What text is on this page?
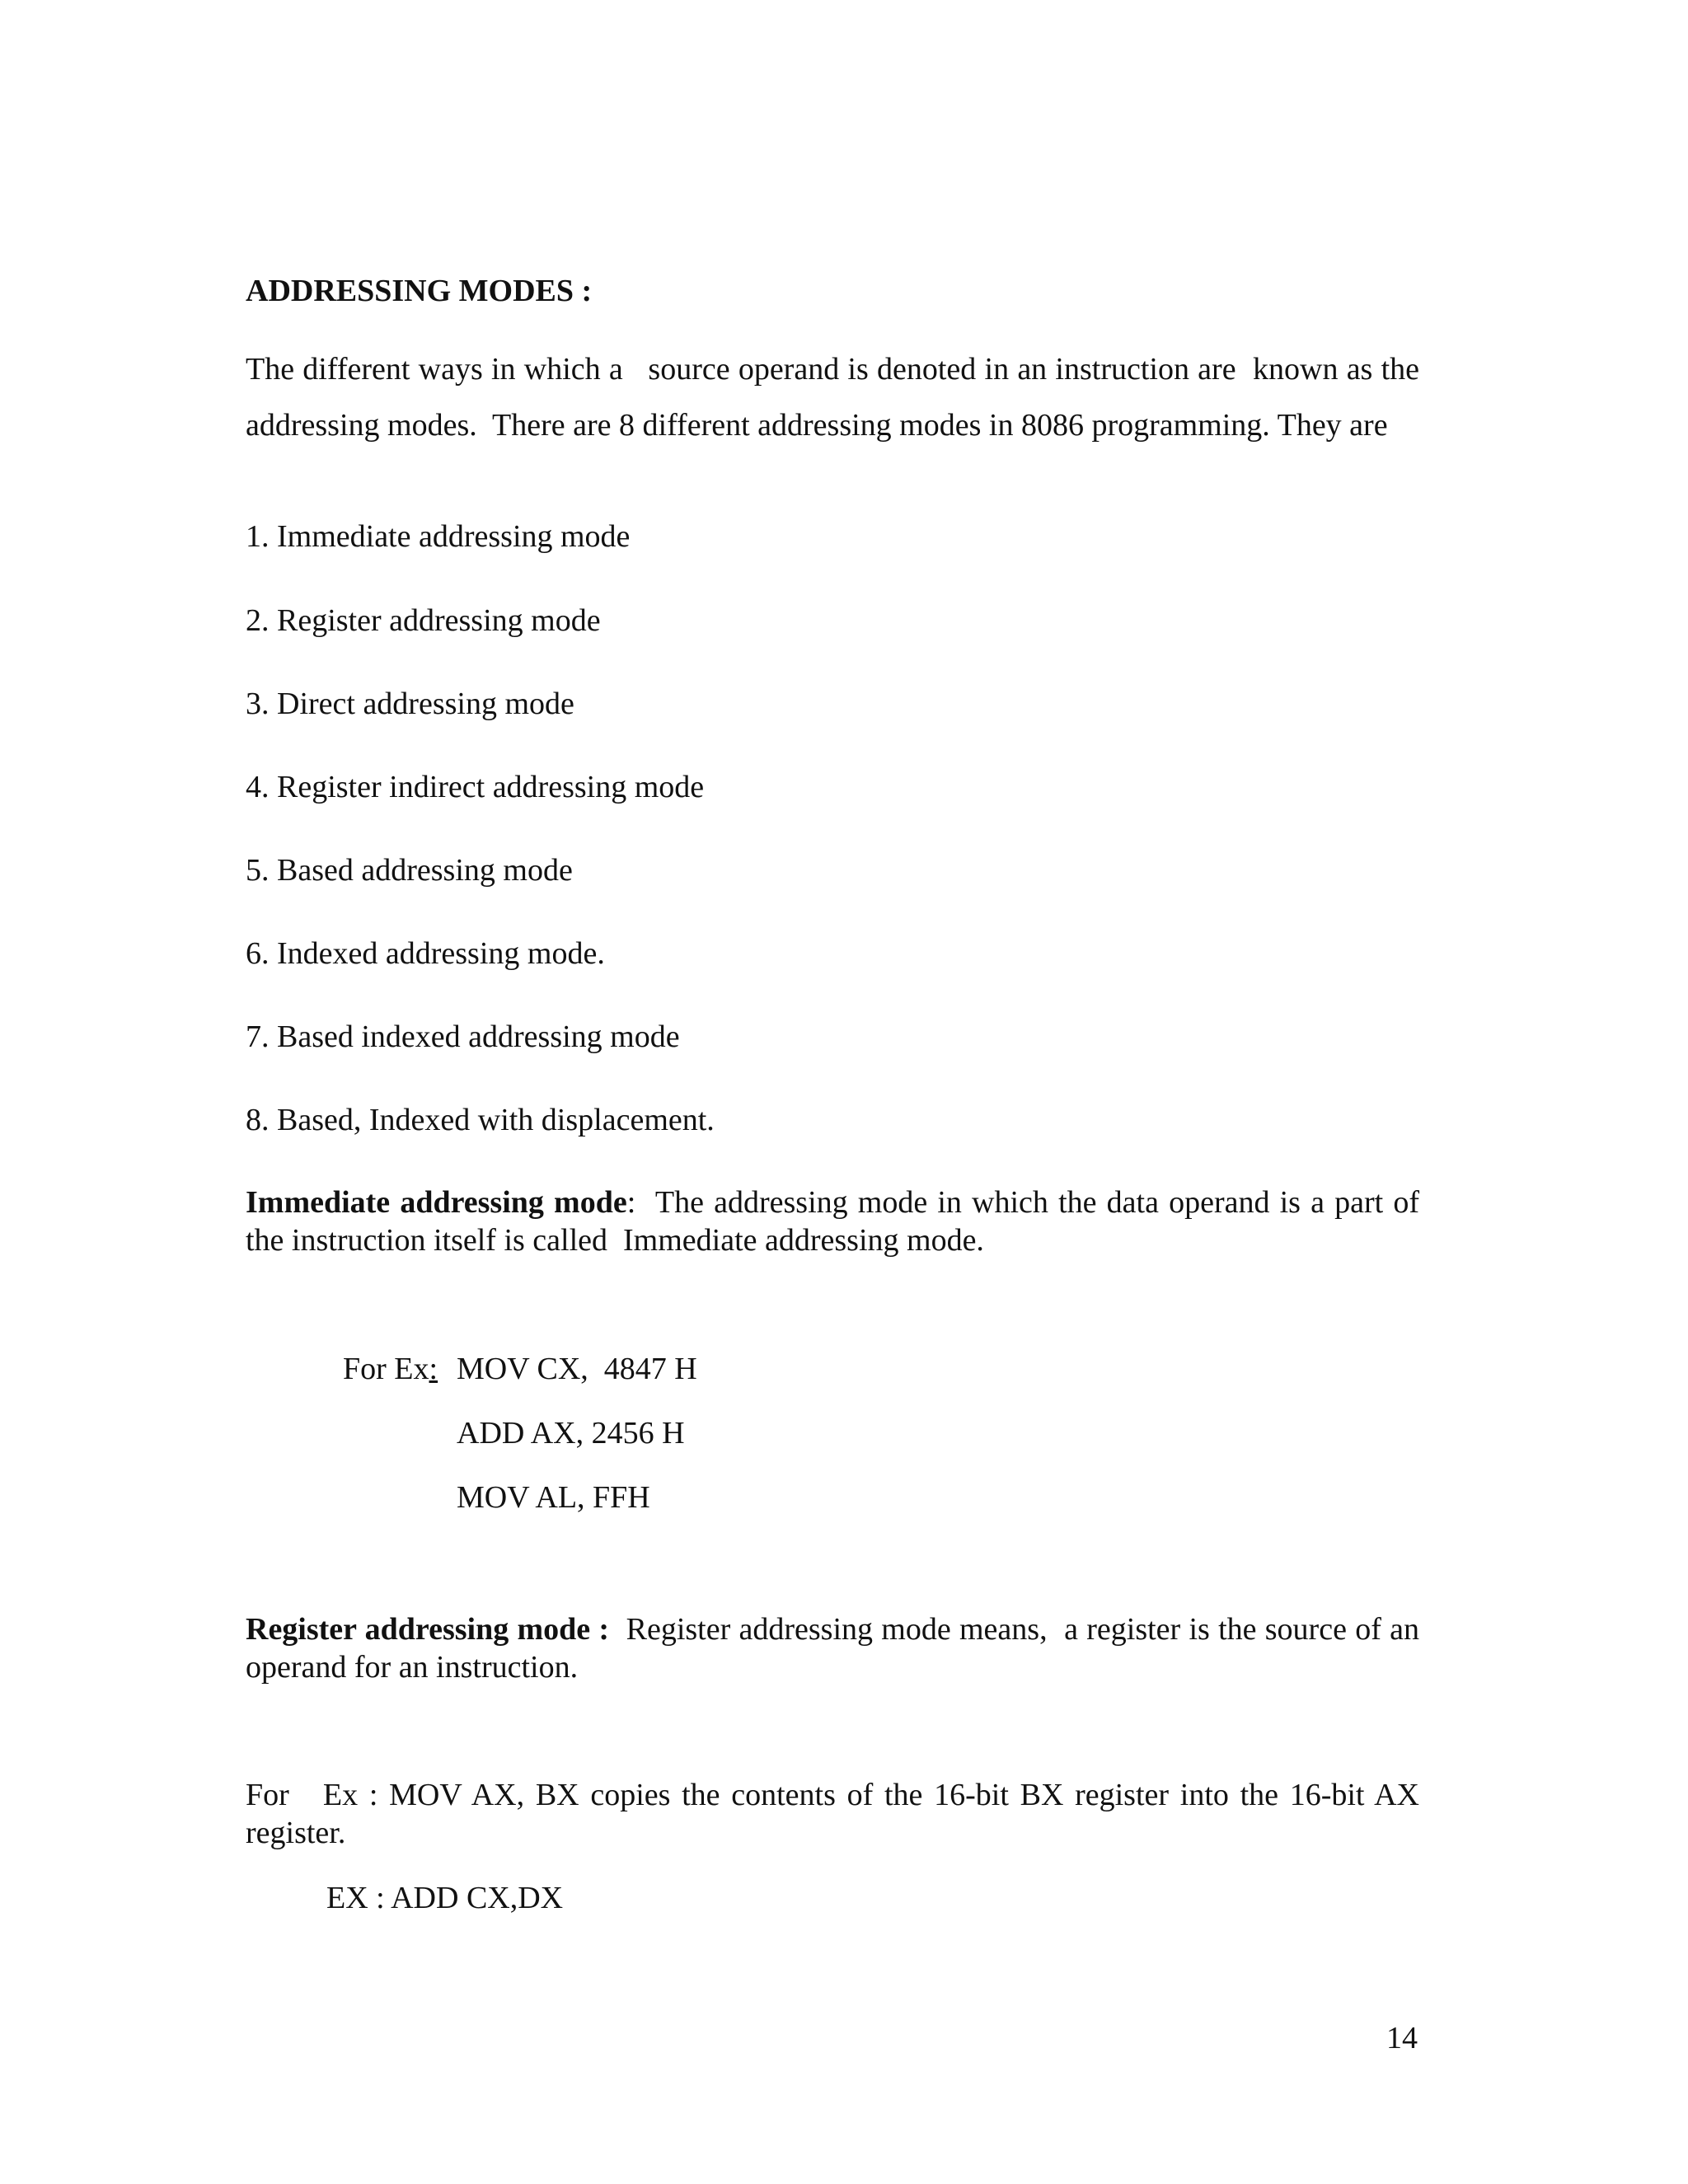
ADDRESSING MODES :
The different ways in which a   source operand is denoted in an instruction are  known as the   addressing modes.  There are 8 different addressing modes in 8086 programming. They are
1. Immediate addressing mode
2. Register addressing mode
3. Direct addressing mode
4. Register indirect addressing mode
5. Based addressing mode
6. Indexed addressing mode.
7. Based indexed addressing mode
8. Based, Indexed with displacement.
Immediate addressing mode:  The addressing mode in which the data operand is a part of the instruction itself is called  Immediate addressing mode.
For Ex: MOV CX,  4847 H
ADD AX, 2456 H
MOV AL, FFH
Register addressing mode :  Register addressing mode means,  a register is the source of an operand for an instruction.
For   Ex : MOV AX, BX copies the contents of the 16-bit BX register into the 16-bit AX register.
EX : ADD CX,DX
14
